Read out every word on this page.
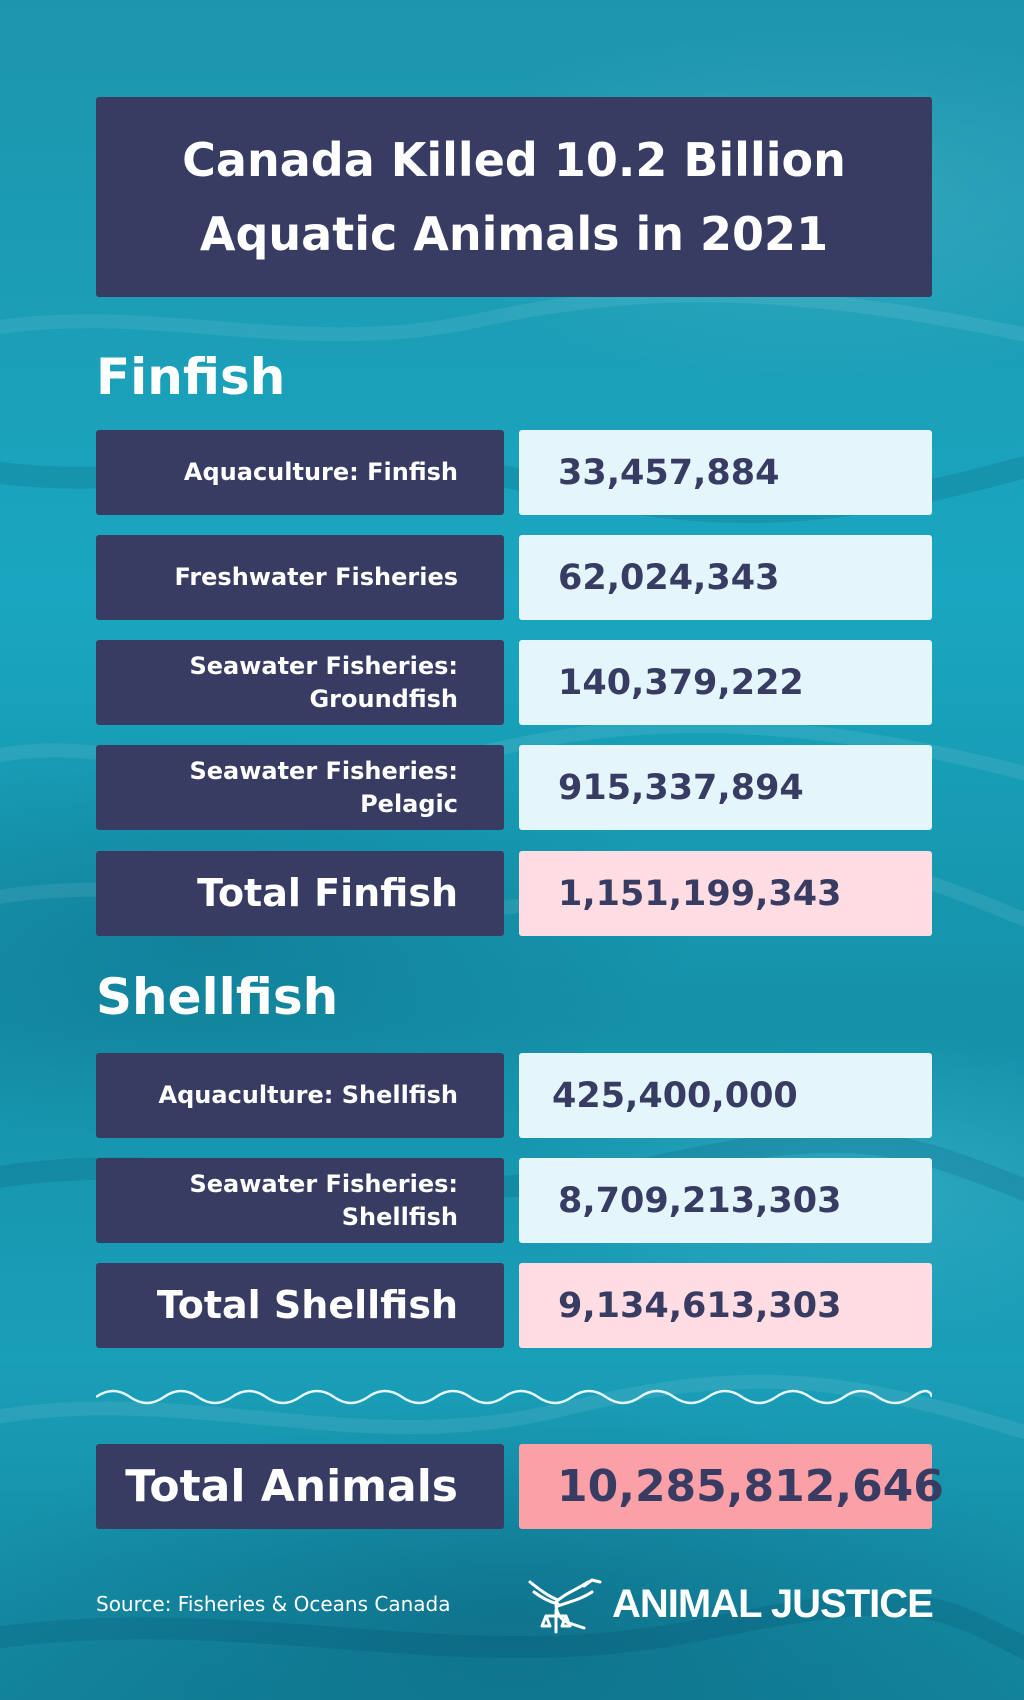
Canada Killed 10.2 Billion Aquatic Animals in 2021
Finfish
Aquaculture: Finfish	33,457,884
Freshwater Fisheries	62,024,343
Seawater Fisheries:
Groundfish	140,379,222
Seawater Fisheries:
Pelagic	915,337,894
Total Finfish	1,151,199,343
Shellfish
Aquaculture: Shellfish	425,400,000
Seawater Fisheries:
Shellfish	8,709,213,303
Total Shellfish	9,134,613,303
Total Animals	10,285,812,646
Source: Fisheries & Oceans Canada	ANIMAL JUSTICE
